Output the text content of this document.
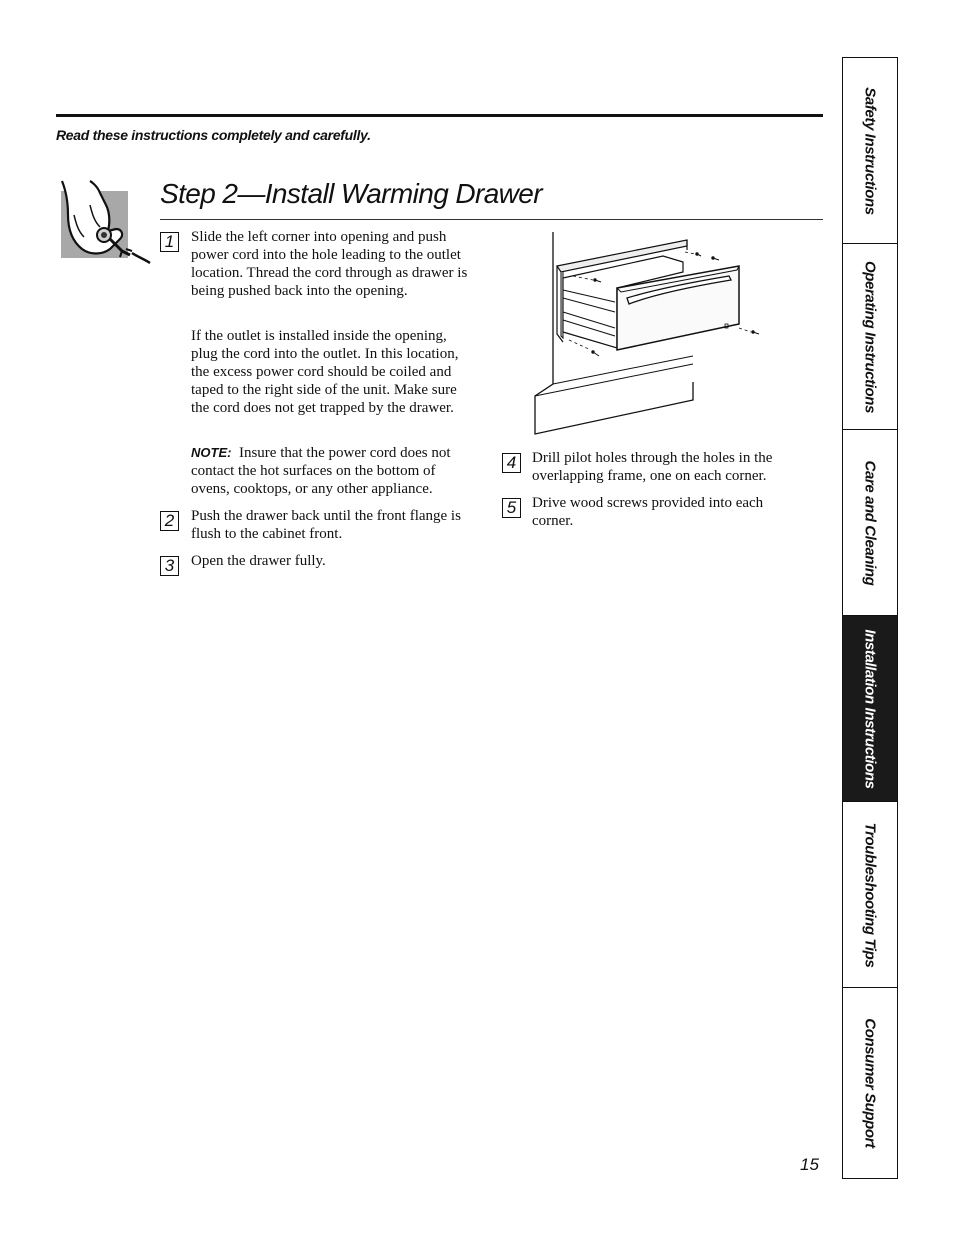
Read these instructions completely and carefully.
Step 2—Install Warming Drawer
1	Slide the left corner into opening and push power cord into the hole leading to the outlet location. Thread the cord through as drawer is being pushed back into the opening.

If the outlet is installed inside the opening, plug the cord into the outlet. In this location, the excess power cord should be coiled and taped to the right side of the unit. Make sure the cord does not get trapped by the drawer.

NOTE: Insure that the power cord does not contact the hot surfaces on the bottom of ovens, cooktops, or any other appliance.

2	Push the drawer back until the front flange is flush to the cabinet front.

3	Open the drawer fully.

4	Drill pilot holes through the holes in the overlapping frame, one on each corner.

5	Drive wood screws provided into each corner.

Safety Instructions
Operating Instructions
Care and Cleaning
Installation Instructions
Troubleshooting Tips
Consumer Support
15
